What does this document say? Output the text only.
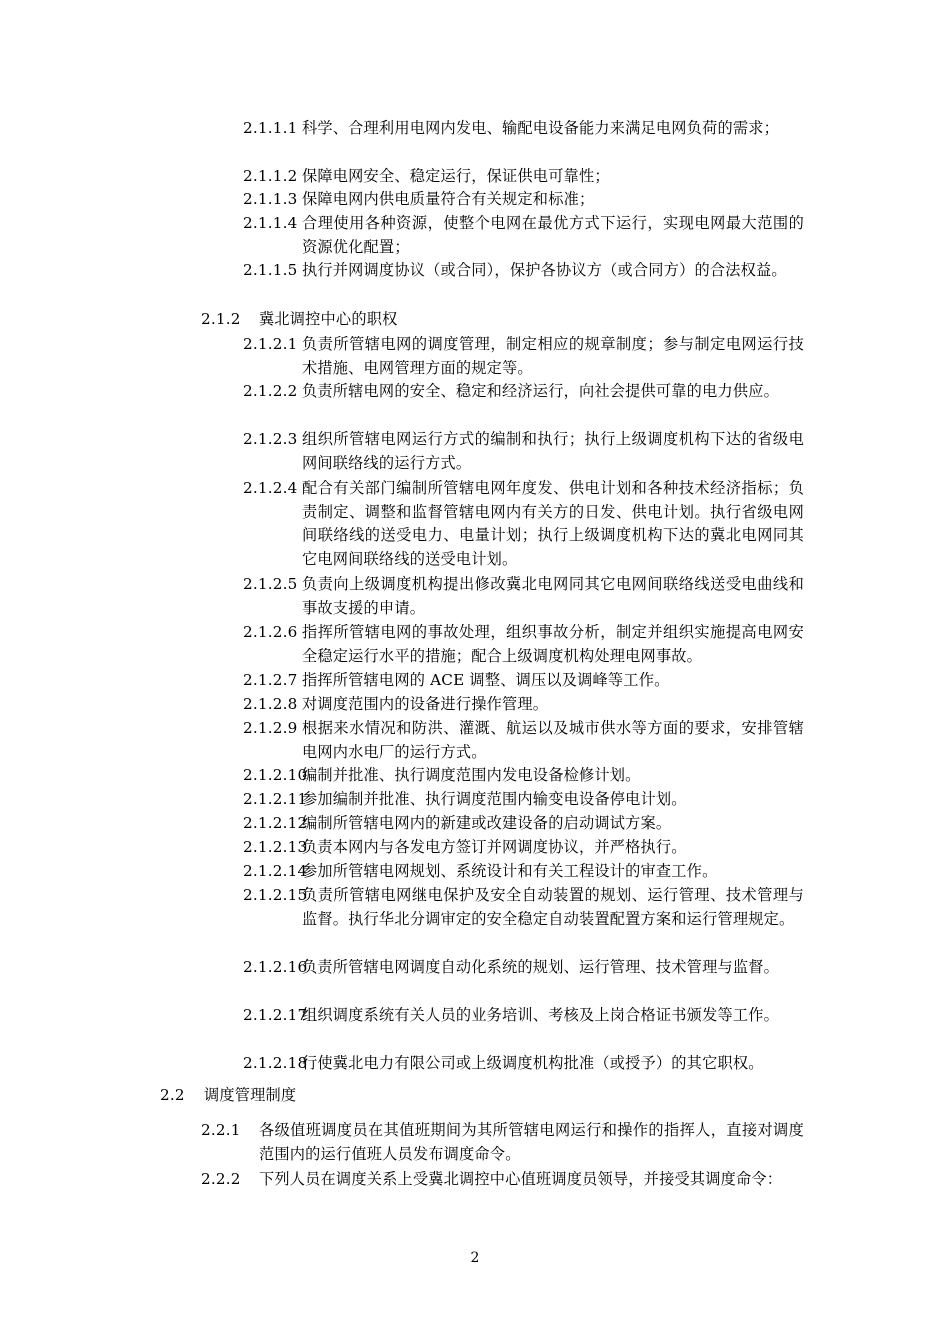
2.1.1.1 科学、合理利用电网内发电、输配电设备能力来满足电网负荷的需求；
2.1.1.2 保障电网安全、稳定运行，保证供电可靠性；
2.1.1.3 保障电网内供电质量符合有关规定和标准；
2.1.1.4 合理使用各种资源，使整个电网在最优方式下运行，实现电网最大范围的资源优化配置；
2.1.1.5 执行并网调度协议（或合同），保护各协议方（或合同方）的合法权益。
2.1.2	冀北调控中心的职权
2.1.2.1 负责所管辖电网的调度管理，制定相应的规章制度；参与制定电网运行技术措施、电网管理方面的规定等。
2.1.2.2 负责所辖电网的安全、稳定和经济运行，向社会提供可靠的电力供应。
2.1.2.3 组织所管辖电网运行方式的编制和执行；执行上级调度机构下达的省级电网间联络线的运行方式。
2.1.2.4 配合有关部门编制所管辖电网年度发、供电计划和各种技术经济指标；负责制定、调整和监督管辖电网内有关方的日发、供电计划。执行省级电网间联络线的送受电力、电量计划；执行上级调度机构下达的冀北电网同其它电网间联络线的送受电计划。
2.1.2.5 负责向上级调度机构提出修改冀北电网同其它电网间联络线送受电曲线和事故支援的申请。
2.1.2.6 指挥所管辖电网的事故处理，组织事故分析，制定并组织实施提高电网安全稳定运行水平的措施；配合上级调度机构处理电网事故。
2.1.2.7 指挥所管辖电网的 ACE 调整、调压以及调峰等工作。
2.1.2.8 对调度范围内的设备进行操作管理。
2.1.2.9 根据来水情况和防洪、灌溉、航运以及城市供水等方面的要求，安排管辖电网内水电厂的运行方式。
2.1.2.10
编制并批准、执行调度范围内发电设备检修计划。
2.1.2.11
参加编制并批准、执行调度范围内输变电设备停电计划。
2.1.2.12
编制所管辖电网内的新建或改建设备的启动调试方案。
2.1.2.13
负责本网内与各发电方签订并网调度协议，并严格执行。
2.1.2.14
参加所管辖电网规划、系统设计和有关工程设计的审查工作。
2.1.2.15
负责所管辖电网继电保护及安全自动装置的规划、运行管理、技术管理与监督。执行华北分调审定的安全稳定自动装置配置方案和运行管理规定。
2.1.2.16
负责所管辖电网调度自动化系统的规划、运行管理、技术管理与监督。
2.1.2.17
组织调度系统有关人员的业务培训、考核及上岗合格证书颁发等工作。
2.1.2.18
行使冀北电力有限公司或上级调度机构批准（或授予）的其它职权。
2.2	调度管理制度
2.2.1	各级值班调度员在其值班期间为其所管辖电网运行和操作的指挥人，直接对调度范围内的运行值班人员发布调度命令。
2.2.2	下列人员在调度关系上受冀北调控中心值班调度员领导，并接受其调度命令：
2
